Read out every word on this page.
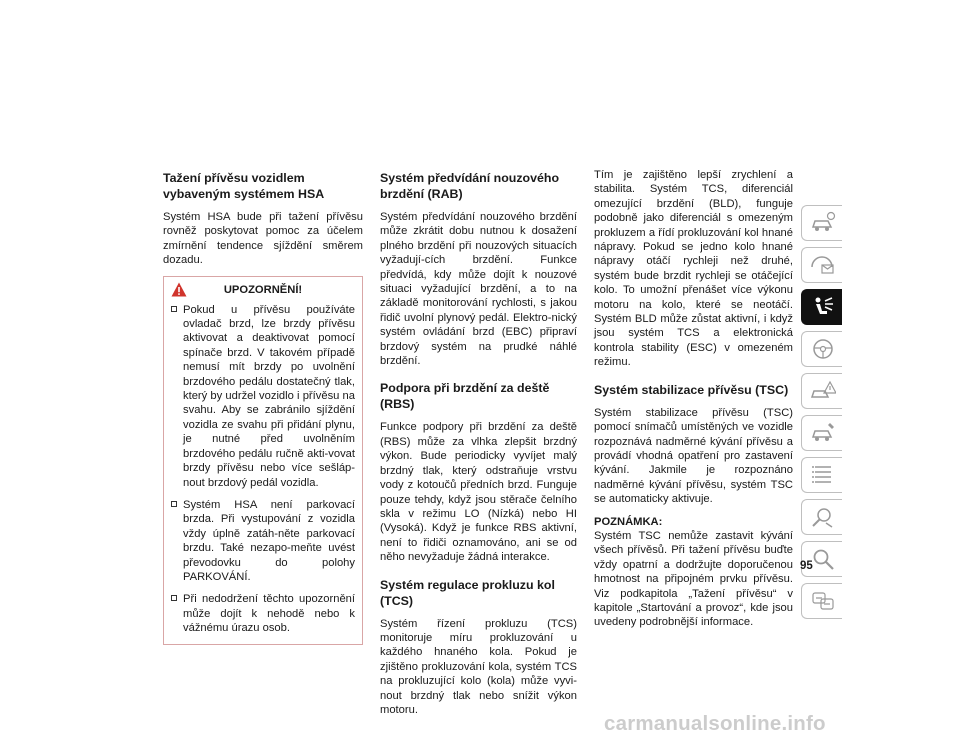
Tažení přívěsu vozidlem vybaveným systémem HSA

Systém HSA bude při tažení přívěsu rovněž poskytovat pomoc za účelem zmírnění tendence sjíždění směrem dozadu.

UPOZORNĚNÍ!
Pokud u přívěsu používáte ovladač brzd, lze brzdy přívěsu aktivovat a deaktivovat pomocí spínače brzd. V takovém případě nemusí mít brzdy po uvolnění brzdového pedálu dostatečný tlak, který by udržel vozidlo i přívěsu na svahu. Aby se zabránilo sjíždění vozidla ze svahu při přidání plynu, je nutné před uvolněním brzdového pedálu ručně akti-vovat brzdy přívěsu nebo více sešláp-nout brzdový pedál vozidla.
Systém HSA není parkovací brzda. Při vystupování z vozidla vždy úplně zatáh-něte parkovací brzdu. Také nezapo-meňte uvést převodovku do polohy PARKOVÁNÍ.
Při nedodržení těchto upozornění může dojít k nehodě nebo k vážnému úrazu osob.
Systém předvídání nouzového brzdění (RAB)

Systém předvídání nouzového brzdění může zkrátit dobu nutnou k dosažení plného brzdění při nouzových situacích vyžadují-cích brzdění. Funkce předvídá, kdy může dojít k nouzové situaci vyžadující brzdění, a to na základě monitorování rychlosti, s jakou řidič uvolní plynový pedál. Elektro-nický systém ovládání brzd (EBC) připraví brzdový systém na prudké náhlé brzdění.

Podpora při brzdění za deště (RBS)

Funkce podpory při brzdění za deště (RBS) může za vlhka zlepšit brzdný výkon. Bude periodicky vyvíjet malý brzdný tlak, který odstraňuje vrstvu vody z kotoučů předních brzd. Funguje pouze tehdy, když jsou stěrače čelního skla v režimu LO (Nízká) nebo HI (Vysoká). Když je funkce RBS aktivní, není to řidiči oznamováno, ani se od něho nevyžaduje žádná interakce.

Systém regulace prokluzu kol (TCS)

Systém řízení prokluzu (TCS) monitoruje míru prokluzování u každého hnaného kola. Pokud je zjištěno prokluzování kola, systém TCS na prokluzující kolo (kola) může vyvi-nout brzdný tlak nebo snížit výkon motoru.

Tím je zajištěno lepší zrychlení a stabilita. Systém TCS, diferenciál omezující brzdění (BLD), funguje podobně jako diferenciál s omezeným prokluzem a řídí prokluzování kol hnané nápravy. Pokud se jedno kolo hnané nápravy otáčí rychleji než druhé, systém bude brzdit rychleji se otáčející kolo. To umožní přenášet více výkonu motoru na kolo, které se neotáčí. Systém BLD může zůstat aktivní, i když jsou systém TCS a elektronická kontrola stability (ESC) v omezeném režimu.

Systém stabilizace přívěsu (TSC)

Systém stabilizace přívěsu (TSC) pomocí snímačů umístěných ve vozidle rozpoznává nadměrné kývání přívěsu a provádí vhodná opatření pro zastavení kývání. Jakmile je rozpoznáno nadměrné kývání přívěsu, systém TSC se automaticky aktivuje.

POZNÁMKA:

Systém TSC nemůže zastavit kývání všech přívěsů. Při tažení přívěsu buďte vždy opatrní a dodržujte doporučenou hmotnost na připojném prvku přívěsu. Viz podkapitola „Tažení přívěsu“ v kapitole „Startování a provoz“, kde jsou uvedeny podrobnější informace.

95
carmanualsonline.info
